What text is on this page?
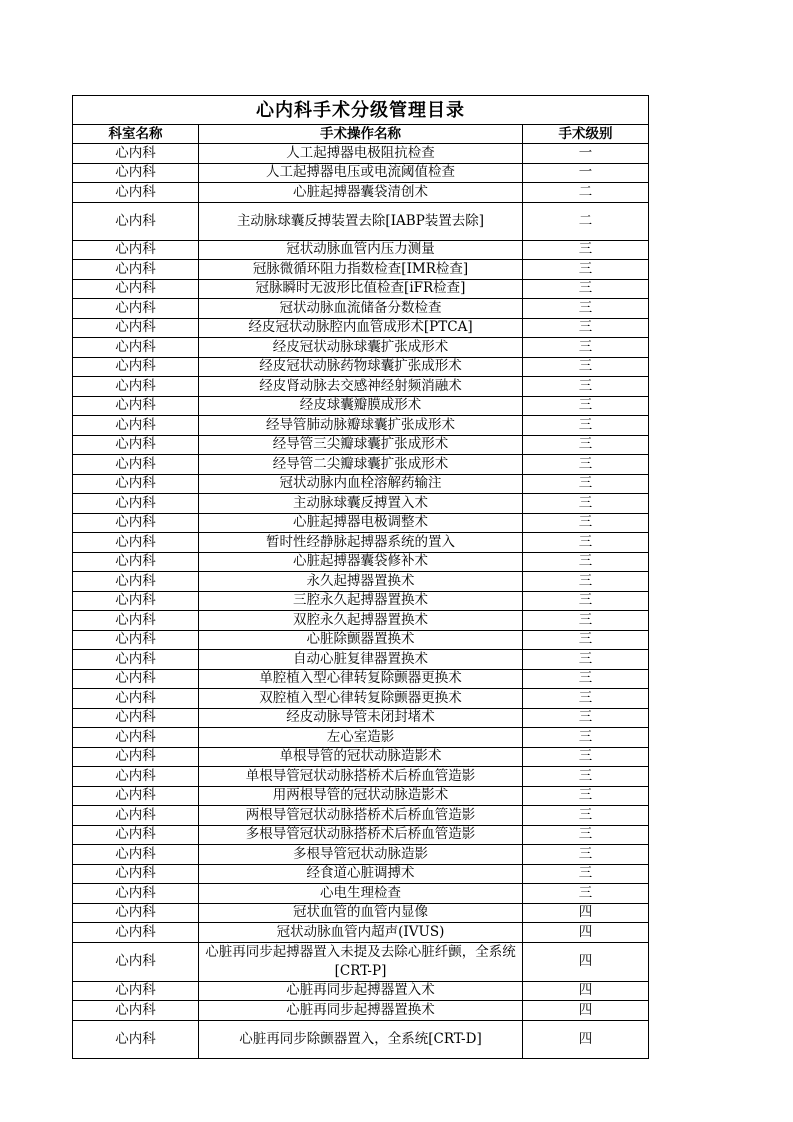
心内科手术分级管理目录		
科室名称	手术操作名称	手术级别
心内科	人工起搏器电极阻抗检查	一
心内科	人工起搏器电压或电流阈值检查	一
心内科	心脏起搏器囊袋清创术	二
心内科	主动脉球囊反搏装置去除[IABP装置去除]	二
心内科	冠状动脉血管内压力测量	三
心内科	冠脉微循环阻力指数检查[IMR检查]	三
心内科	冠脉瞬时无波形比值检查[iFR检查]	三
心内科	冠状动脉血流储备分数检查	三
心内科	经皮冠状动脉腔内血管成形术[PTCA]	三
心内科	经皮冠状动脉球囊扩张成形术	三
心内科	经皮冠状动脉药物球囊扩张成形术	三
心内科	经皮肾动脉去交感神经射频消融术	三
心内科	经皮球囊瓣膜成形术	三
心内科	经导管肺动脉瓣球囊扩张成形术	三
心内科	经导管三尖瓣球囊扩张成形术	三
心内科	经导管二尖瓣球囊扩张成形术	三
心内科	冠状动脉内血栓溶解药输注	三
心内科	主动脉球囊反搏置入术	三
心内科	心脏起搏器电极调整术	三
心内科	暂时性经静脉起搏器系统的置入	三
心内科	心脏起搏器囊袋修补术	三
心内科	永久起搏器置换术	三
心内科	三腔永久起搏器置换术	三
心内科	双腔永久起搏器置换术	三
心内科	心脏除颤器置换术	三
心内科	自动心脏复律器置换术	三
心内科	单腔植入型心律转复除颤器更换术	三
心内科	双腔植入型心律转复除颤器更换术	三
心内科	经皮动脉导管未闭封堵术	三
心内科	左心室造影	三
心内科	单根导管的冠状动脉造影术	三
心内科	单根导管冠状动脉搭桥术后桥血管造影	三
心内科	用两根导管的冠状动脉造影术	三
心内科	两根导管冠状动脉搭桥术后桥血管造影	三
心内科	多根导管冠状动脉搭桥术后桥血管造影	三
心内科	多根导管冠状动脉造影	三
心内科	经食道心脏调搏术	三
心内科	心电生理检查	三
心内科	冠状血管的血管内显像	四
心内科	冠状动脉血管内超声(IVUS)	四
心内科	心脏再同步起搏器置入未提及去除心脏纤颤，全系统[CRT-P]	四
心内科	心脏再同步起搏器置入术	四
心内科	心脏再同步起搏器置换术	四
心内科	心脏再同步除颤器置入，全系统[CRT-D]	四
